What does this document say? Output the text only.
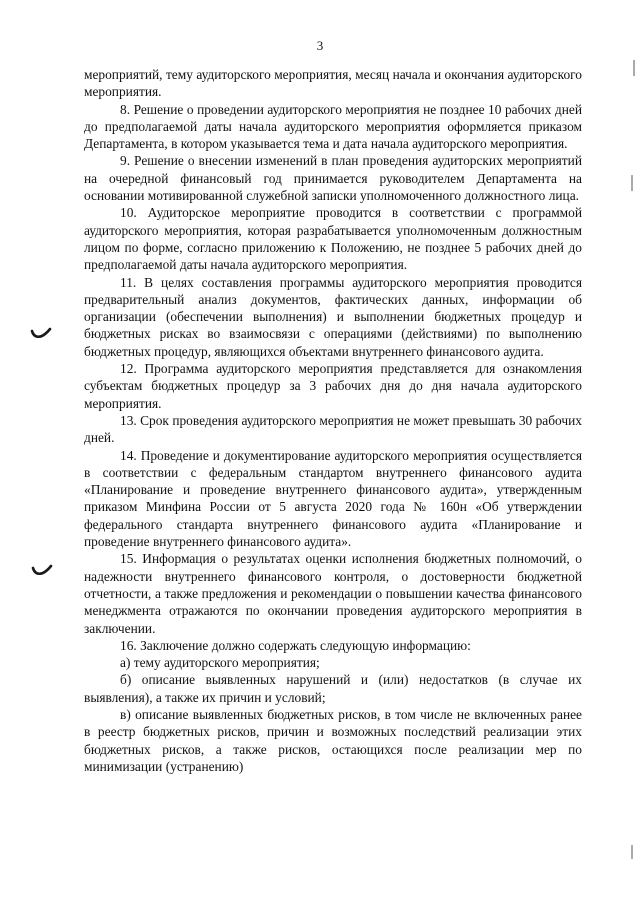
3

мероприятий, тему аудиторского мероприятия, месяц начала и окончания аудиторского мероприятия.

8. Решение о проведении аудиторского мероприятия не позднее 10 рабочих дней до предполагаемой даты начала аудиторского мероприятия оформляется приказом Департамента, в котором указывается тема и дата начала аудиторского мероприятия.

9. Решение о внесении изменений в план проведения аудиторских мероприятий на очередной финансовый год принимается руководителем Департамента на основании мотивированной служебной записки уполномоченного должностного лица.

10. Аудиторское мероприятие проводится в соответствии с программой аудиторского мероприятия, которая разрабатывается уполномоченным должностным лицом по форме, согласно приложению к Положению, не позднее 5 рабочих дней до предполагаемой даты начала аудиторского мероприятия.

11. В целях составления программы аудиторского мероприятия проводится предварительный анализ документов, фактических данных, информации об организации (обеспечении выполнения) и выполнении бюджетных процедур и бюджетных рисках во взаимосвязи с операциями (действиями) по выполнению бюджетных процедур, являющихся объектами внутреннего финансового аудита.

12. Программа аудиторского мероприятия представляется для ознакомления субъектам бюджетных процедур за 3 рабочих дня до дня начала аудиторского мероприятия.

13. Срок проведения аудиторского мероприятия не может превышать 30 рабочих дней.

14. Проведение и документирование аудиторского мероприятия осуществляется в соответствии с федеральным стандартом внутреннего финансового аудита «Планирование и проведение внутреннего финансового аудита», утвержденным приказом Минфина России от 5 августа 2020 года № 160н «Об утверждении федерального стандарта внутреннего финансового аудита «Планирование и проведение внутреннего финансового аудита».

15. Информация о результатах оценки исполнения бюджетных полномочий, о надежности внутреннего финансового контроля, о достоверности бюджетной отчетности, а также предложения и рекомендации о повышении качества финансового менеджмента отражаются по окончании проведения аудиторского мероприятия в заключении.

16. Заключение должно содержать следующую информацию:

а) тему аудиторского мероприятия;

б) описание выявленных нарушений и (или) недостатков (в случае их выявления), а также их причин и условий;

в) описание выявленных бюджетных рисков, в том числе не включенных ранее в реестр бюджетных рисков, причин и возможных последствий реализации этих бюджетных рисков, а также рисков, остающихся после реализации мер по минимизации (устранению)
